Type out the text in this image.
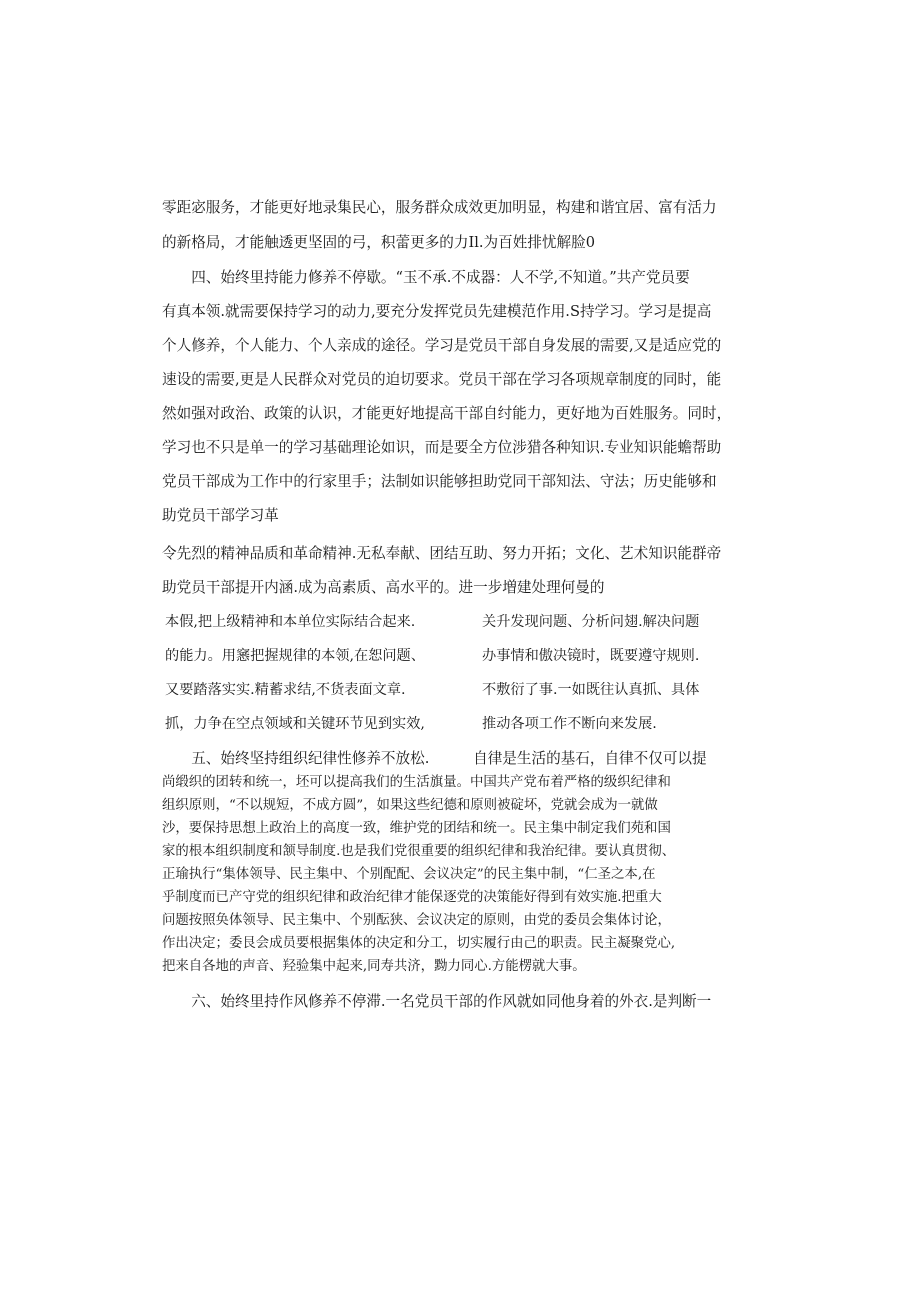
零距宓服务，才能更好地录集民心，服务群众成效更加明显，构建和谐宜居、富有活力
的新格局，才能触透更坚固的弓，积蕾更多的力Il.为百姓排忧解脸0
　　四、始终里持能力修养不停歇。“玉不承.不成器：人不学,不知道。”共产党员要
有真本领.就需要保持学习的动力,要充分发挥党员先建模范作用.S持学习。学习是提高
个人修养，个人能力、个人亲成的途径。学习是党员干部自身发展的需要,又是适应党的
速设的需要,更是人民群众对党员的迫切要求。党员干部在学习各项规章制度的同时，能
然如强对政治、政策的认识，才能更好地提高干部自纣能力，更好地为百姓服务。同时，
学习也不只是单一的学习基础理论如识，而是要全方位涉猎各种知识.专业知识能蟾帮助
党员干部成为工作中的行家里手；法制如识能够担助党同干部知法、守法；历史能够和
助党员干部学习革
令先烈的精神品质和革命精神.无私奉献、团结互助、努力开拓；文化、艺术知识能群帝
助党员干部提开内涵.成为高素质、高水平的。进一步増建处理何曼的
本假,把上级精神和本单位实际结合起来.	关升发现问题、分析问翅.解决问题
的能力。用窸把握规律的本领,在恕问题、	办事情和傲决镜时，既要遵守规则.
又要踏落实实.精蓄求结,不货表面文章.	不敷衍了事.一如既往认真抓、具体
抓，力争在空点领域和关键环节见到实效,	推动各项工作不断向来发展.
　　五、始终坚持组织纪律性修养不放松.　　　自律是生活的基石，自律不仅可以提
尚缎织的团转和统一，坯可以提高我们的生活旗量。中国共产党布着严格的级织纪律和
组织原则，“不以规短，不成方圆”，如果这些纪德和原则被碇坏，党就会成为一就做
沙，要保持思想上政治上的高度一致，维护党的团结和统一。民主集中制定我们苑和国
家的根本组织制度和颔导制度.也是我们党很重要的组织纪律和我治纪律。要认真贯彻、
正瑜执行“集体领导、民主集中、个别配配、会议决定”的民主集中制，“仁圣之本,在
乎制度而已产守党的组织纪律和政治纪律才能保逐党的决策能好得到有效实施.把重大
问题按照奂体领导、民主集中、个别酝狭、会议决定的原则，由党的委员会集体讨论，
作出决定；委艮会成员要根据集体的决定和分工，切实履行由己的职责。民主凝聚党心,
把来自各地的声音、羟验集中起来,同寿共济，黝力同心.方能楞就大事。
　　六、始终里持作风修养不停滞.一名党员干部的作风就如同他身着的外衣.是判断一
